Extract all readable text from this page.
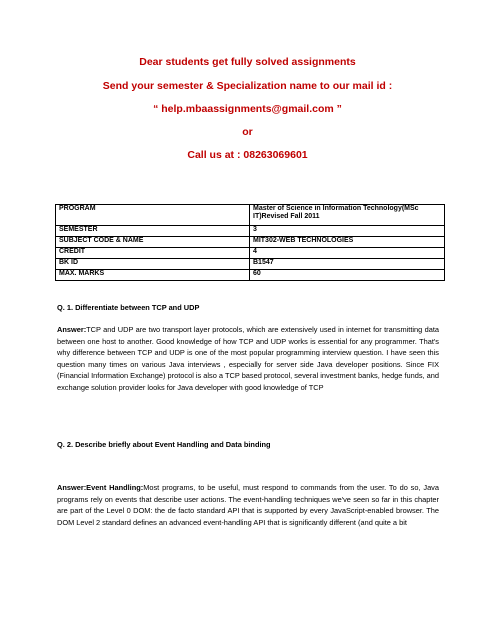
Dear students get fully solved assignments
Send your semester & Specialization name to our mail id :
“ help.mbaassignments@gmail.com ”
or
Call us at : 08263069601
PROGRAM	Master of Science in Information Technology(MSc IT)Revised Fall 2011
SEMESTER	3
SUBJECT CODE & NAME	MIT302-WEB TECHNOLOGIES
CREDIT	4
BK ID	B1547
MAX. MARKS	60
Q. 1. Differentiate between TCP and UDP
Answer:TCP and UDP are two transport layer protocols, which are extensively used in internet for transmitting data between one host to another. Good knowledge of how TCP and UDP works is essential for any programmer. That's why difference between TCP and UDP is one of the most popular programming interview question. I have seen this question many times on various Java interviews , especially for server side Java developer positions. Since FIX (Financial Information Exchange) protocol is also a TCP based protocol, several investment banks, hedge funds, and exchange solution provider looks for Java developer with good knowledge of TCP
Q. 2. Describe briefly about Event Handling and Data binding
Answer:Event Handling:Most programs, to be useful, must respond to commands from the user. To do so, Java programs rely on events that describe user actions. The event-handling techniques we've seen so far in this chapter are part of the Level 0 DOM: the de facto standard API that is supported by every JavaScript-enabled browser. The DOM Level 2 standard defines an advanced event-handling API that is significantly different (and quite a bit
